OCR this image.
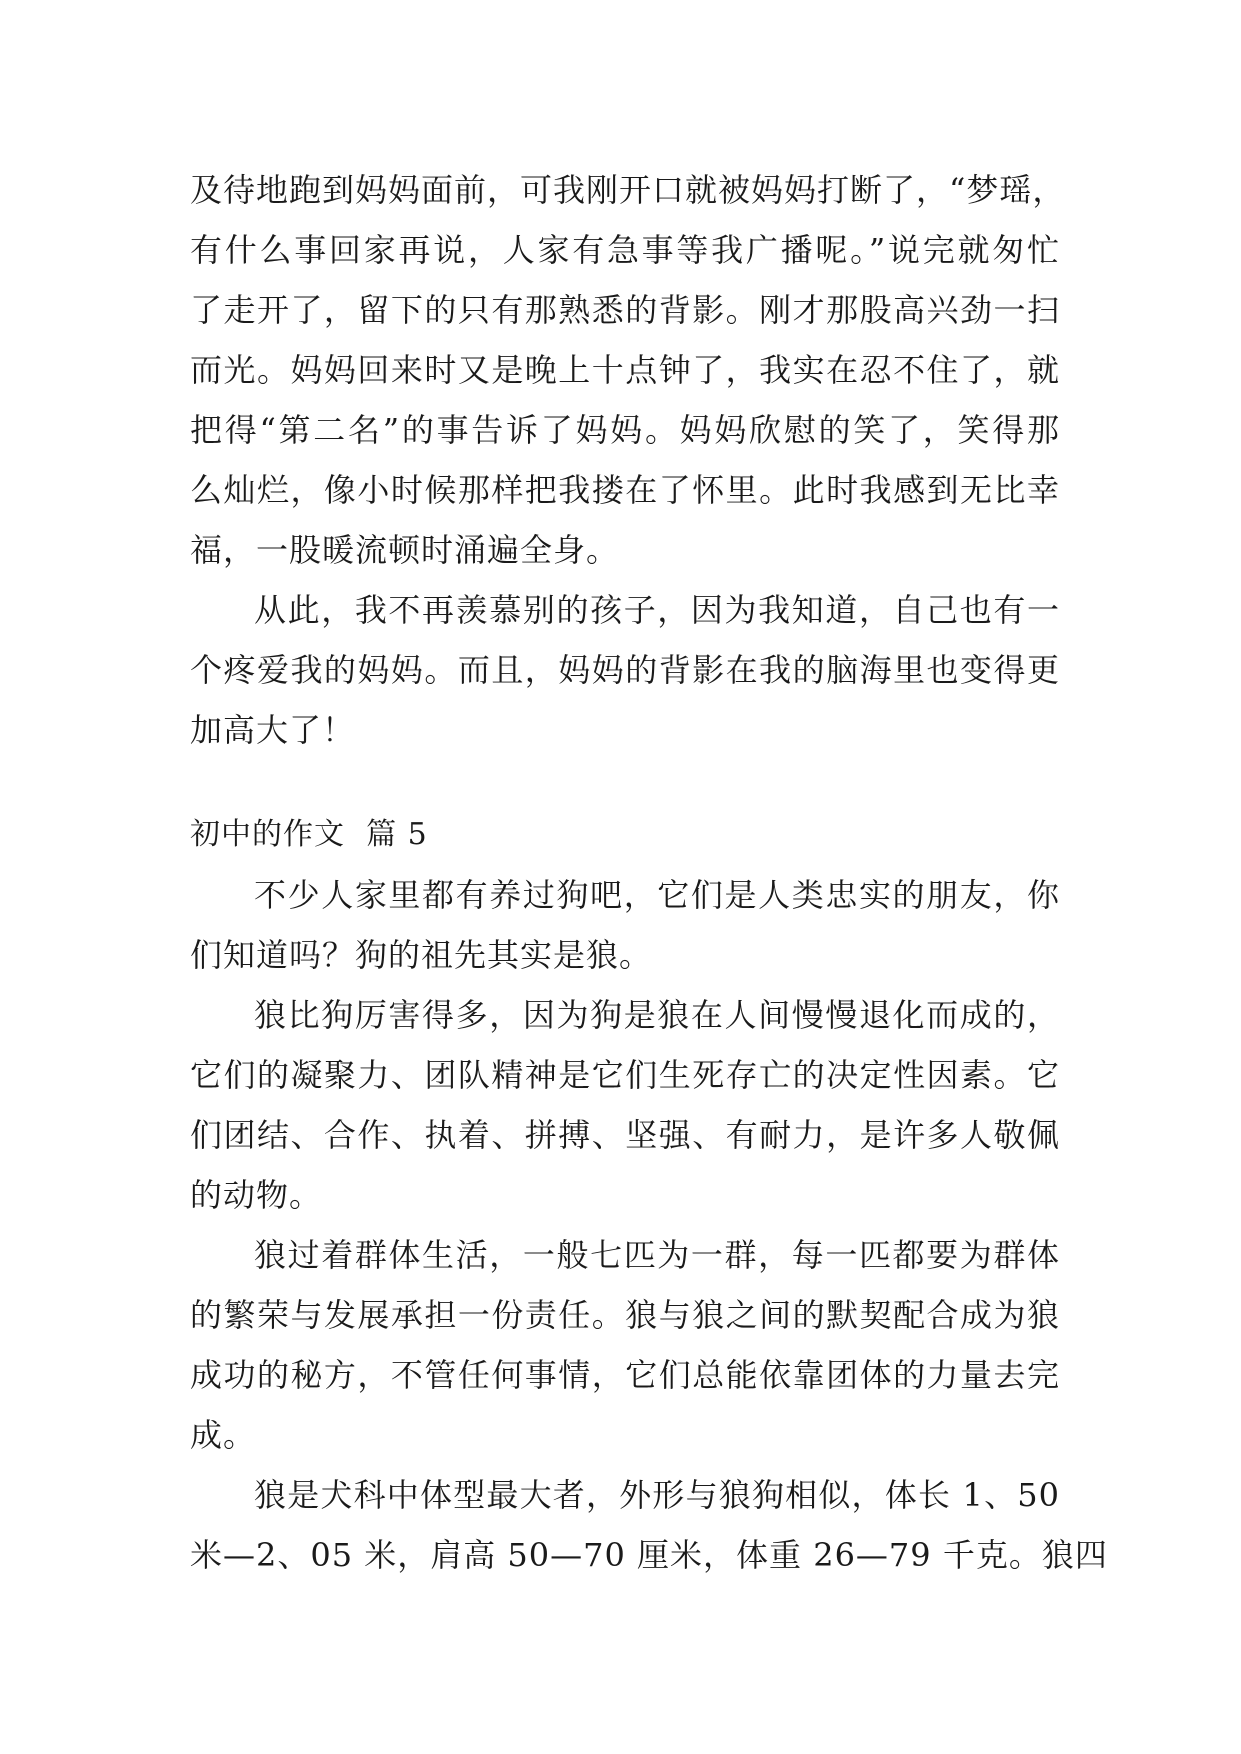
及待地跑到妈妈面前，可我刚开口就被妈妈打断了，“梦瑶，
有什么事回家再说，人家有急事等我广播呢。”说完就匆忙
了走开了，留下的只有那熟悉的背影。刚才那股高兴劲一扫
而光。妈妈回来时又是晚上十点钟了，我实在忍不住了，就
把得“第二名”的事告诉了妈妈。妈妈欣慰的笑了，笑得那
么灿烂，像小时候那样把我搂在了怀里。此时我感到无比幸
福，一股暖流顿时涌遍全身。
从此，我不再羡慕别的孩子，因为我知道，自己也有一
个疼爱我的妈妈。而且，妈妈的背影在我的脑海里也变得更
加高大了！
初中的作文  篇 5
不少人家里都有养过狗吧，它们是人类忠实的朋友，你
们知道吗？狗的祖先其实是狼。
狼比狗厉害得多，因为狗是狼在人间慢慢退化而成的，
它们的凝聚力、团队精神是它们生死存亡的决定性因素。它
们团结、合作、执着、拼搏、坚强、有耐力，是许多人敬佩
的动物。
狼过着群体生活，一般七匹为一群，每一匹都要为群体
的繁荣与发展承担一份责任。狼与狼之间的默契配合成为狼
成功的秘方，不管任何事情，它们总能依靠团体的力量去完
成。
狼是犬科中体型最大者，外形与狼狗相似，体长 1、50
米—2、05 米，肩高 50—70 厘米，体重 26—79 千克。狼四
